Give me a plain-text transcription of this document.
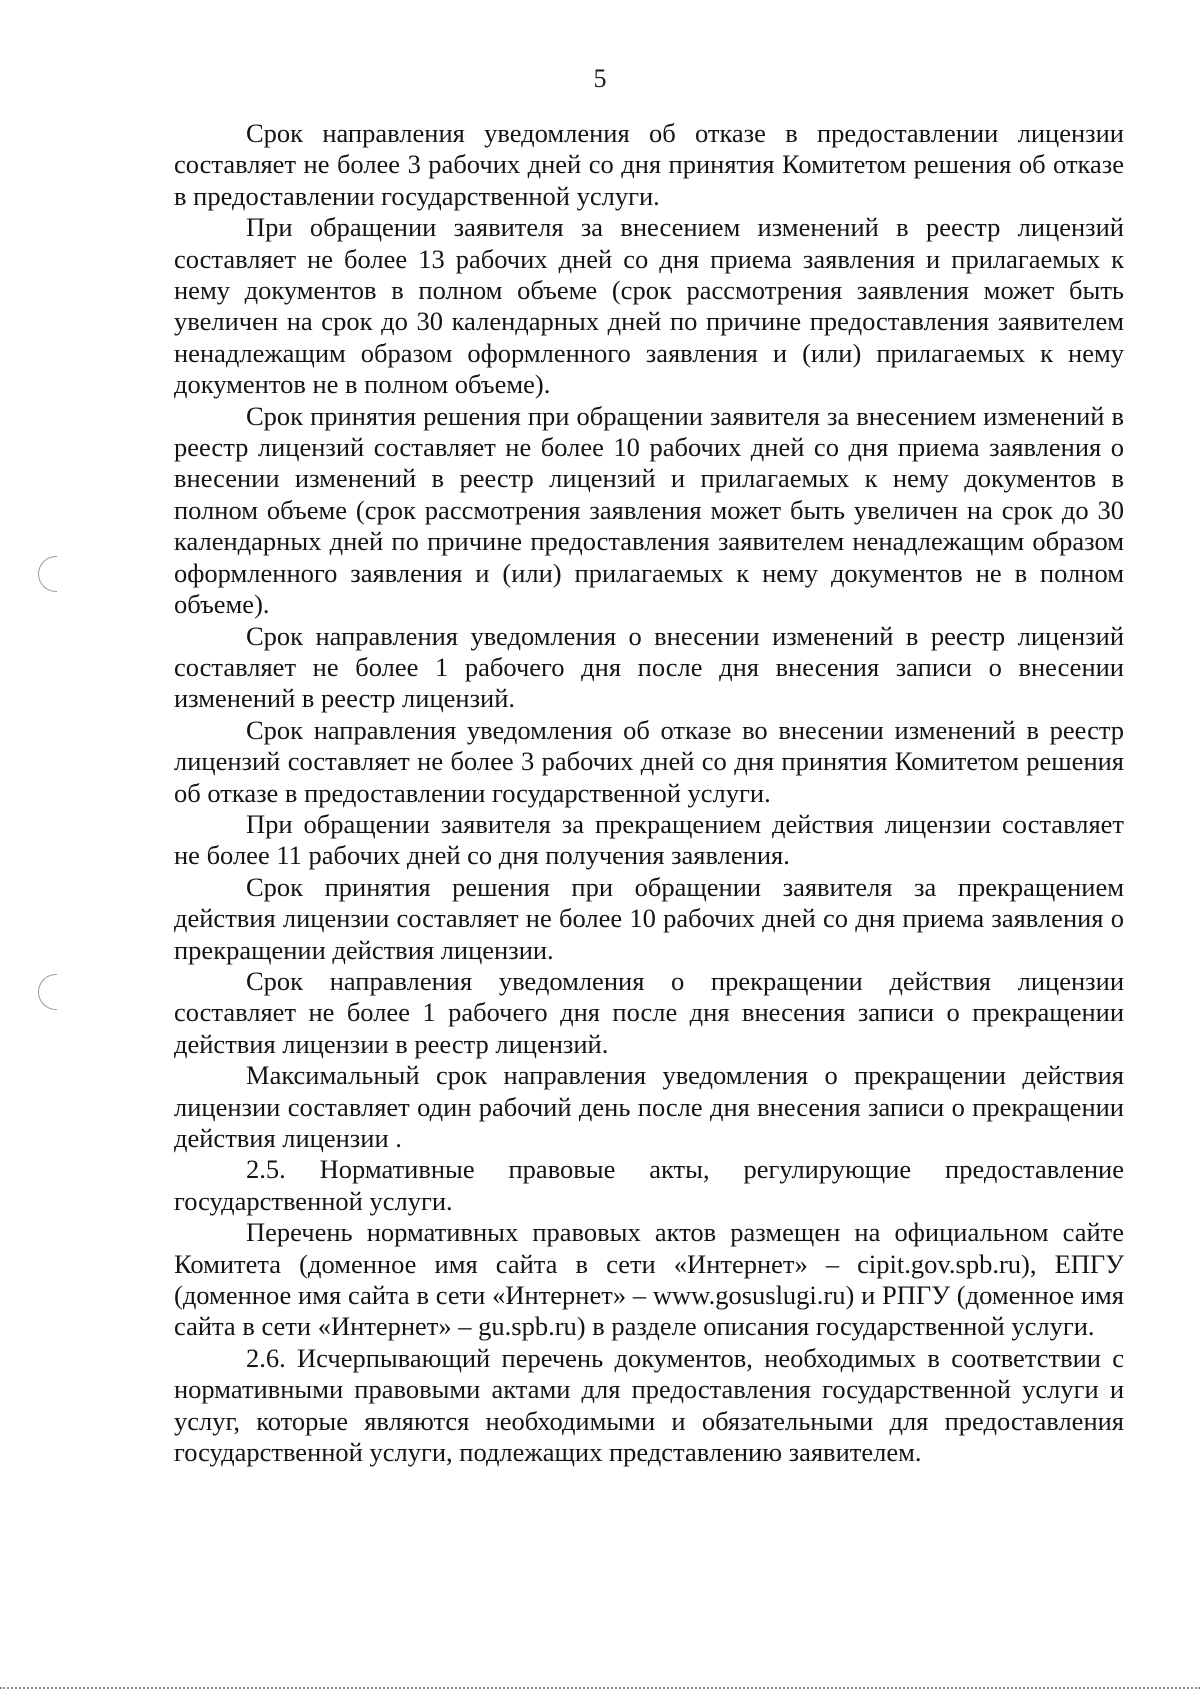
5

Срок направления уведомления об отказе в предоставлении лицензии составляет не более 3 рабочих дней со дня принятия Комитетом решения об отказе в предоставлении государственной услуги.

При обращении заявителя за внесением изменений в реестр лицензий составляет не более 13 рабочих дней со дня приема заявления и прилагаемых к нему документов в полном объеме (срок рассмотрения заявления может быть увеличен на срок до 30 календарных дней по причине предоставления заявителем ненадлежащим образом оформленного заявления и (или) прилагаемых к нему документов не в полном объеме).

Срок принятия решения при обращении заявителя за внесением изменений в реестр лицензий составляет не более 10 рабочих дней со дня приема заявления о внесении изменений в реестр лицензий и прилагаемых к нему документов в полном объеме (срок рассмотрения заявления может быть увеличен на срок до 30 календарных дней по причине предоставления заявителем ненадлежащим образом оформленного заявления и (или) прилагаемых к нему документов не в полном объеме).

Срок направления уведомления о внесении изменений в реестр лицензий составляет не более 1 рабочего дня после дня внесения записи о внесении изменений в реестр лицензий.

Срок направления уведомления об отказе во внесении изменений в реестр лицензий составляет не более 3 рабочих дней со дня принятия Комитетом решения об отказе в предоставлении государственной услуги.

При обращении заявителя за прекращением действия лицензии составляет не более 11 рабочих дней со дня получения заявления.

Срок принятия решения при обращении заявителя за прекращением действия лицензии составляет не более 10 рабочих дней со дня приема заявления о прекращении действия лицензии.

Срок направления уведомления о прекращении действия лицензии составляет не более 1 рабочего дня после дня внесения записи о прекращении действия лицензии в реестр лицензий.

Максимальный срок направления уведомления о прекращении действия лицензии составляет один рабочий день после дня внесения записи о прекращении действия лицензии .

2.5. Нормативные правовые акты, регулирующие предоставление государственной услуги.

Перечень нормативных правовых актов размещен на официальном сайте Комитета (доменное имя сайта в сети «Интернет» – cipit.gov.spb.ru), ЕПГУ (доменное имя сайта в сети «Интернет» – www.gosuslugi.ru) и РПГУ (доменное имя сайта в сети «Интернет» – gu.spb.ru) в разделе описания государственной услуги.

2.6. Исчерпывающий перечень документов, необходимых в соответствии с нормативными правовыми актами для предоставления государственной услуги и услуг, которые являются необходимыми и обязательными для предоставления государственной услуги, подлежащих представлению заявителем.
